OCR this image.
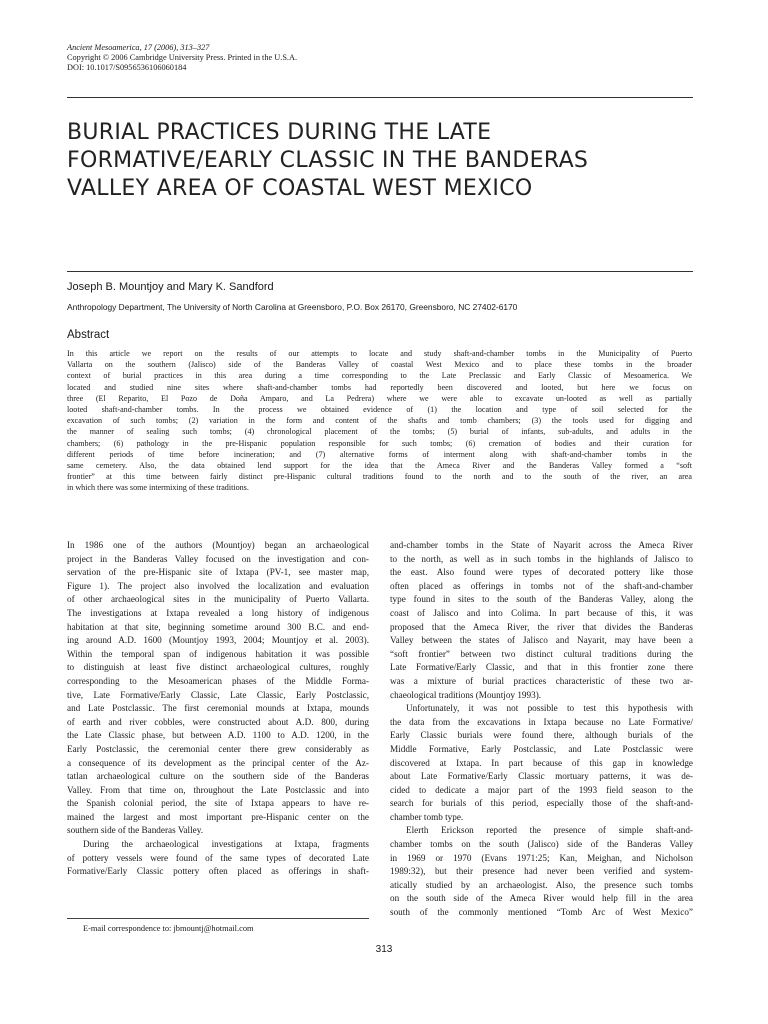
Ancient Mesoamerica, 17 (2006), 313–327
Copyright © 2006 Cambridge University Press. Printed in the U.S.A.
DOI: 10.1017/S0956536106060184
BURIAL PRACTICES DURING THE LATE
FORMATIVE/EARLY CLASSIC IN THE BANDERAS
VALLEY AREA OF COASTAL WEST MEXICO
Joseph B. Mountjoy and Mary K. Sandford
Anthropology Department, The University of North Carolina at Greensboro, P.O. Box 26170, Greensboro, NC 27402-6170
Abstract
In this article we report on the results of our attempts to locate and study shaft-and-chamber tombs in the Municipality of Puerto
Vallarta on the southern (Jalisco) side of the Banderas Valley of coastal West Mexico and to place these tombs in the broader
context of burial practices in this area during a time corresponding to the Late Preclassic and Early Classic of Mesoamerica. We
located and studied nine sites where shaft-and-chamber tombs had reportedly been discovered and looted, but here we focus on
three (El Reparito, El Pozo de Doña Amparo, and La Pedrera) where we were able to excavate un-looted as well as partially
looted shaft-and-chamber tombs. In the process we obtained evidence of (1) the location and type of soil selected for the
excavation of such tombs; (2) variation in the form and content of the shafts and tomb chambers; (3) the tools used for digging and
the manner of sealing such tombs; (4) chronological placement of the tombs; (5) burial of infants, sub-adults, and adults in the
chambers; (6) pathology in the pre-Hispanic population responsible for such tombs; (6) cremation of bodies and their curation for
different periods of time before incineration; and (7) alternative forms of interment along with shaft-and-chamber tombs in the
same cemetery. Also, the data obtained lend support for the idea that the Ameca River and the Banderas Valley formed a “soft
frontier” at this time between fairly distinct pre-Hispanic cultural traditions found to the north and to the south of the river, an area
in which there was some intermixing of these traditions.
In 1986 one of the authors (Mountjoy) began an archaeological
project in the Banderas Valley focused on the investigation and con-
servation of the pre-Hispanic site of Ixtapa (PV-1, see master map,
Figure 1). The project also involved the localization and evaluation
of other archaeological sites in the municipality of Puerto Vallarta.
The investigations at Ixtapa revealed a long history of indigenous
habitation at that site, beginning sometime around 300 B.C. and end-
ing around A.D. 1600 (Mountjoy 1993, 2004; Mountjoy et al. 2003).
Within the temporal span of indigenous habitation it was possible
to distinguish at least five distinct archaeological cultures, roughly
corresponding to the Mesoamerican phases of the Middle Forma-
tive, Late Formative/Early Classic, Late Classic, Early Postclassic,
and Late Postclassic. The first ceremonial mounds at Ixtapa, mounds
of earth and river cobbles, were constructed about A.D. 800, during
the Late Classic phase, but between A.D. 1100 to A.D. 1200, in the
Early Postclassic, the ceremonial center there grew considerably as
a consequence of its development as the principal center of the Az-
tatlan archaeological culture on the southern side of the Banderas
Valley. From that time on, throughout the Late Postclassic and into
the Spanish colonial period, the site of Ixtapa appears to have re-
mained the largest and most important pre-Hispanic center on the
southern side of the Banderas Valley.
During the archaeological investigations at Ixtapa, fragments
of pottery vessels were found of the same types of decorated Late
Formative/Early Classic pottery often placed as offerings in shaft-
and-chamber tombs in the State of Nayarit across the Ameca River
to the north, as well as in such tombs in the highlands of Jalisco to
the east. Also found were types of decorated pottery like those
often placed as offerings in tombs not of the shaft-and-chamber
type found in sites to the south of the Banderas Valley, along the
coast of Jalisco and into Colima. In part because of this, it was
proposed that the Ameca River, the river that divides the Banderas
Valley between the states of Jalisco and Nayarit, may have been a
“soft frontier” between two distinct cultural traditions during the
Late Formative/Early Classic, and that in this frontier zone there
was a mixture of burial practices characteristic of these two ar-
chaeological traditions (Mountjoy 1993).
Unfortunately, it was not possible to test this hypothesis with
the data from the excavations in Ixtapa because no Late Formative/
Early Classic burials were found there, although burials of the
Middle Formative, Early Postclassic, and Late Postclassic were
discovered at Ixtapa. In part because of this gap in knowledge
about Late Formative/Early Classic mortuary patterns, it was de-
cided to dedicate a major part of the 1993 field season to the
search for burials of this period, especially those of the shaft-and-
chamber tomb type.
Elerth Erickson reported the presence of simple shaft-and-
chamber tombs on the south (Jalisco) side of the Banderas Valley
in 1969 or 1970 (Evans 1971:25; Kan, Meighan, and Nicholson
1989:32), but their presence had never been verified and system-
atically studied by an archaeologist. Also, the presence such tombs
on the south side of the Ameca River would help fill in the area
south of the commonly mentioned “Tomb Arc of West Mexico”
E-mail correspondence to: jbmountj@hotmail.com
313
